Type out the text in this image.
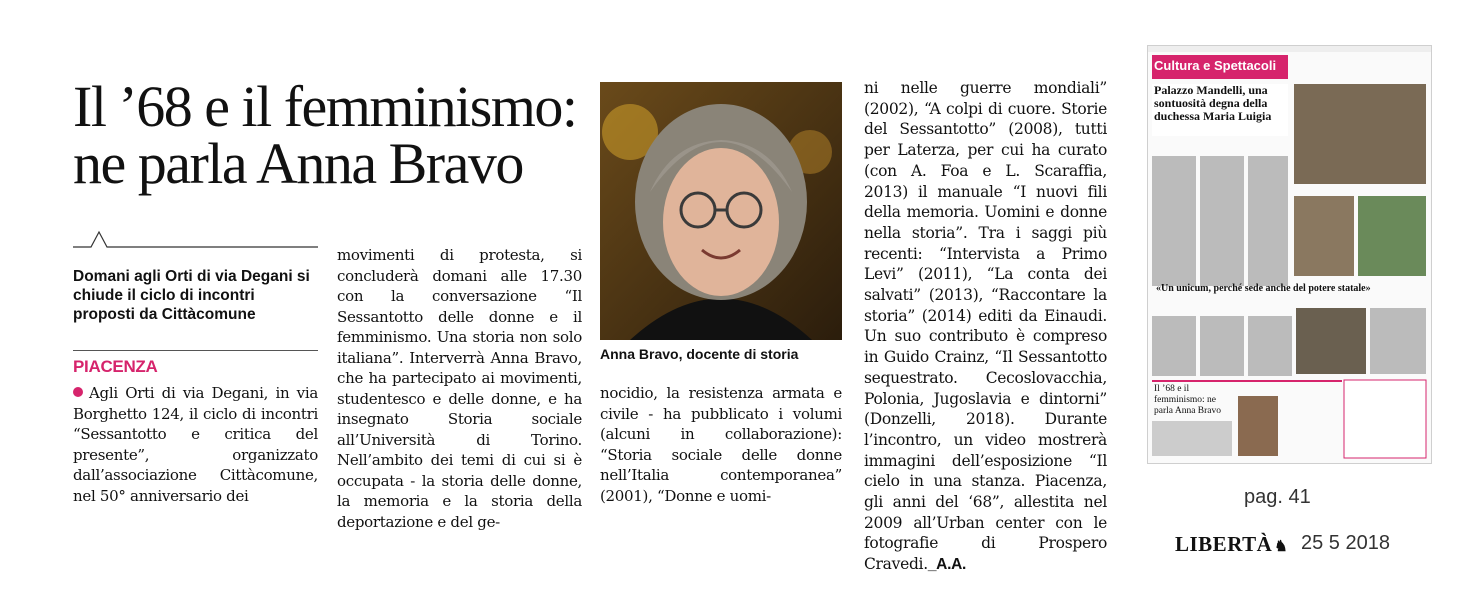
Il ’68 e il femminismo: ne parla Anna Bravo
Domani agli Orti di via Degani si chiude il ciclo di incontri proposti da Cittàcomune
PIACENZA

Agli Orti di via Degani, in via Borghetto 124, il ciclo di incontri “Sessantotto e critica del presente”, organizzato dall’associazione Cittàcomune, nel 50° anniversario dei

movimenti di protesta, si concluderà domani alle 17.30 con la conversazione “Il Sessantotto delle donne e il femminismo. Una storia non solo italiana”. Interverrà Anna Bravo, che ha partecipato ai movimenti, studentesco e delle donne, e ha insegnato Storia sociale all’Università di Torino. Nell’ambito dei temi di cui si è occupata - la storia delle donne, la memoria e la storia della deportazione e del ge-

Anna Bravo, docente di storia

nocidio, la resistenza armata e civile - ha pubblicato i volumi (alcuni in collaborazione): “Storia sociale delle donne nell’Italia contemporanea” (2001), “Donne e uomi-

ni nelle guerre mondiali” (2002), “A colpi di cuore. Storie del Sessantotto” (2008), tutti per Laterza, per cui ha curato (con A. Foa e L. Scaraffia, 2013) il manuale “I nuovi fili della memoria. Uomini e donne nella storia”. Tra i saggi più recenti: “Intervista a Primo Levi” (2011), “La conta dei salvati” (2013), “Raccontare la storia” (2014) editi da Einaudi. Un suo contributo è compreso in Guido Crainz, “Il Sessantotto sequestrato. Cecoslovacchia, Polonia, Jugoslavia e dintorni” (Donzelli, 2018). Durante l’incontro, un video mostrerà immagini dell’esposizione “Il cielo in una stanza. Piacenza, gli anni del ‘68”, allestita nel 2009 all’Urban center con le fotografie di Prospero Cravedi._A.A.

Cultura e Spettacoli
Palazzo Mandelli, una sontuosità degna della duchessa Maria Luigia
«Un unicum, perché sede anche del potere statale»
Il ’68 e il femminismo: ne parla Anna Bravo
pag. 41
LIBERTÀ ♞ 25 5 2018
